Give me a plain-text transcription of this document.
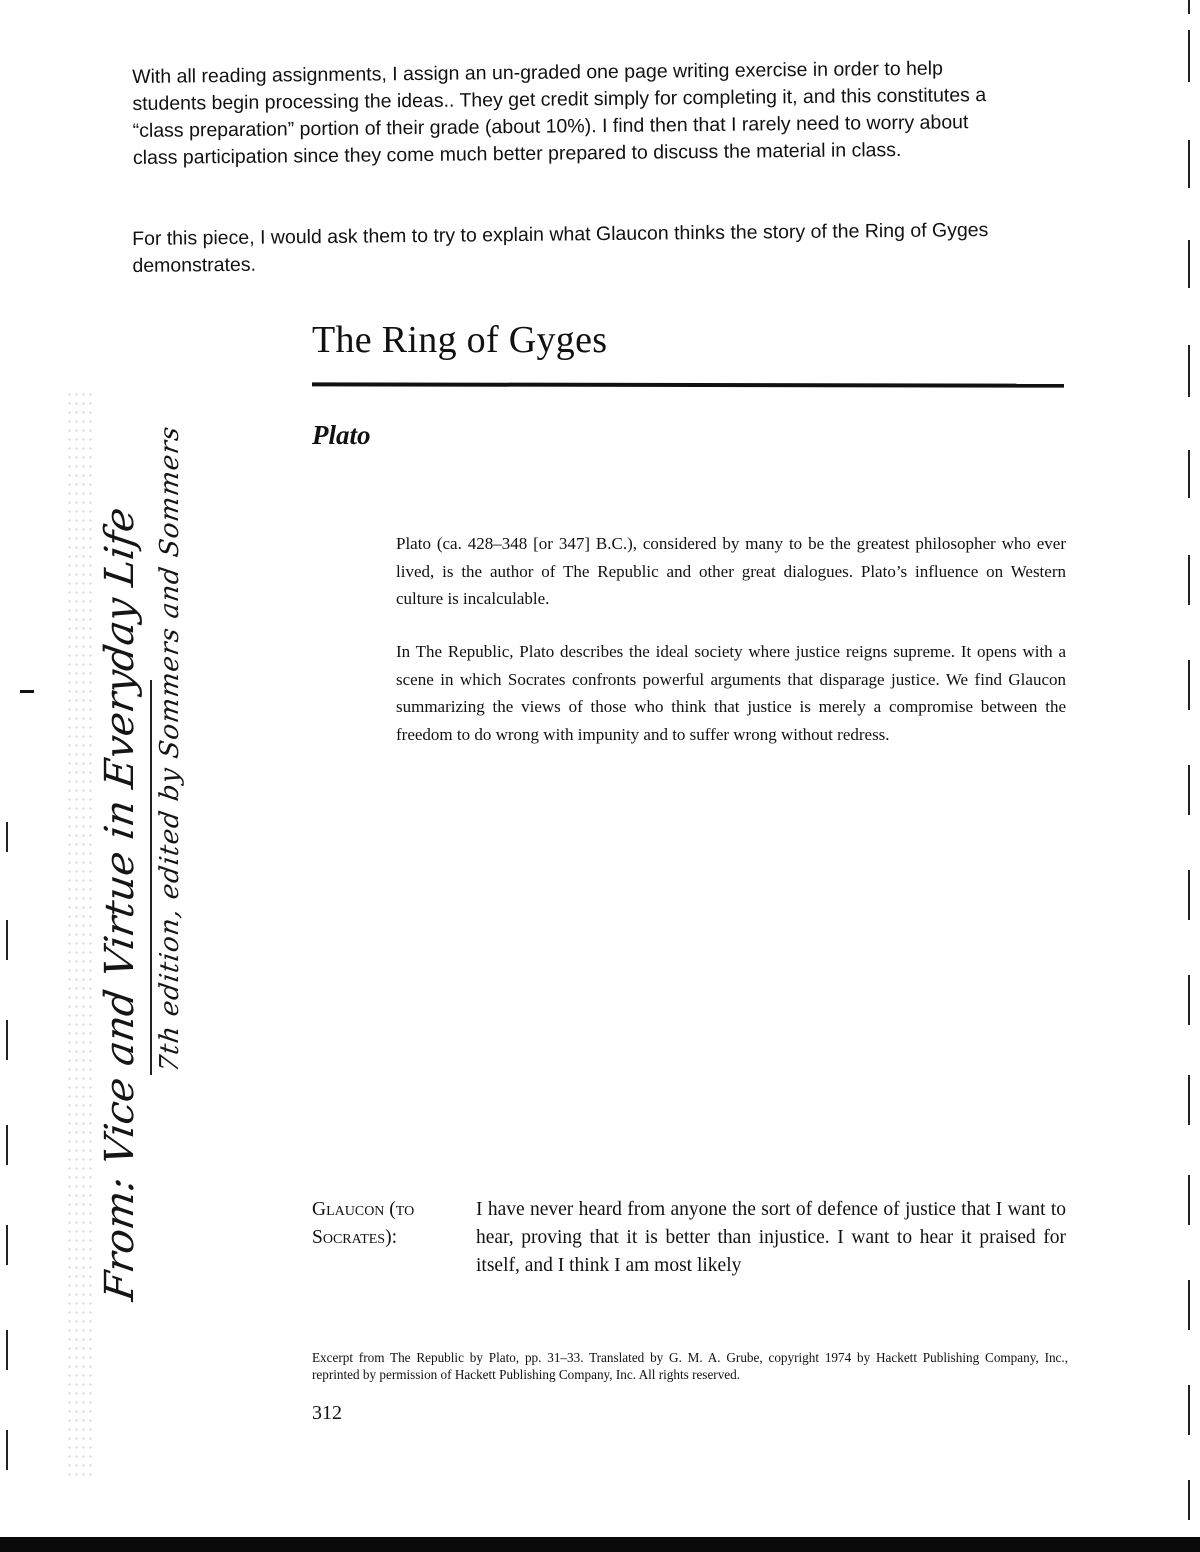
With all reading assignments, I assign an un-graded one page writing exercise in order to help students begin processing the ideas.. They get credit simply for completing it, and this constitutes a “class preparation” portion of their grade (about 10%). I find then that I rarely need to worry about class participation since they come much better prepared to discuss the material in class.

For this piece, I would ask them to try to explain what Glaucon thinks the story of the Ring of Gyges demonstrates.

The Ring of Gyges
Plato

Plato (ca. 428–348 [or 347] B.C.), considered by many to be the greatest philosopher who ever lived, is the author of The Republic and other great dialogues. Plato’s influence on Western culture is incalculable.

In The Republic, Plato describes the ideal society where justice reigns supreme. It opens with a scene in which Socrates confronts powerful arguments that disparage justice. We find Glaucon summarizing the views of those who think that justice is merely a compromise between the freedom to do wrong with impunity and to suffer wrong without redress.

From: Vice and Virtue in Everyday Life 7th edition, edited by Sommers and Sommers

Glaucon (to Socrates):

I have never heard from anyone the sort of defence of justice that I want to hear, proving that it is better than injustice. I want to hear it praised for itself, and I think I am most likely

Excerpt from The Republic by Plato, pp. 31–33. Translated by G. M. A. Grube, copyright 1974 by Hackett Publishing Company, Inc., reprinted by permission of Hackett Publishing Company, Inc. All rights reserved.

312
